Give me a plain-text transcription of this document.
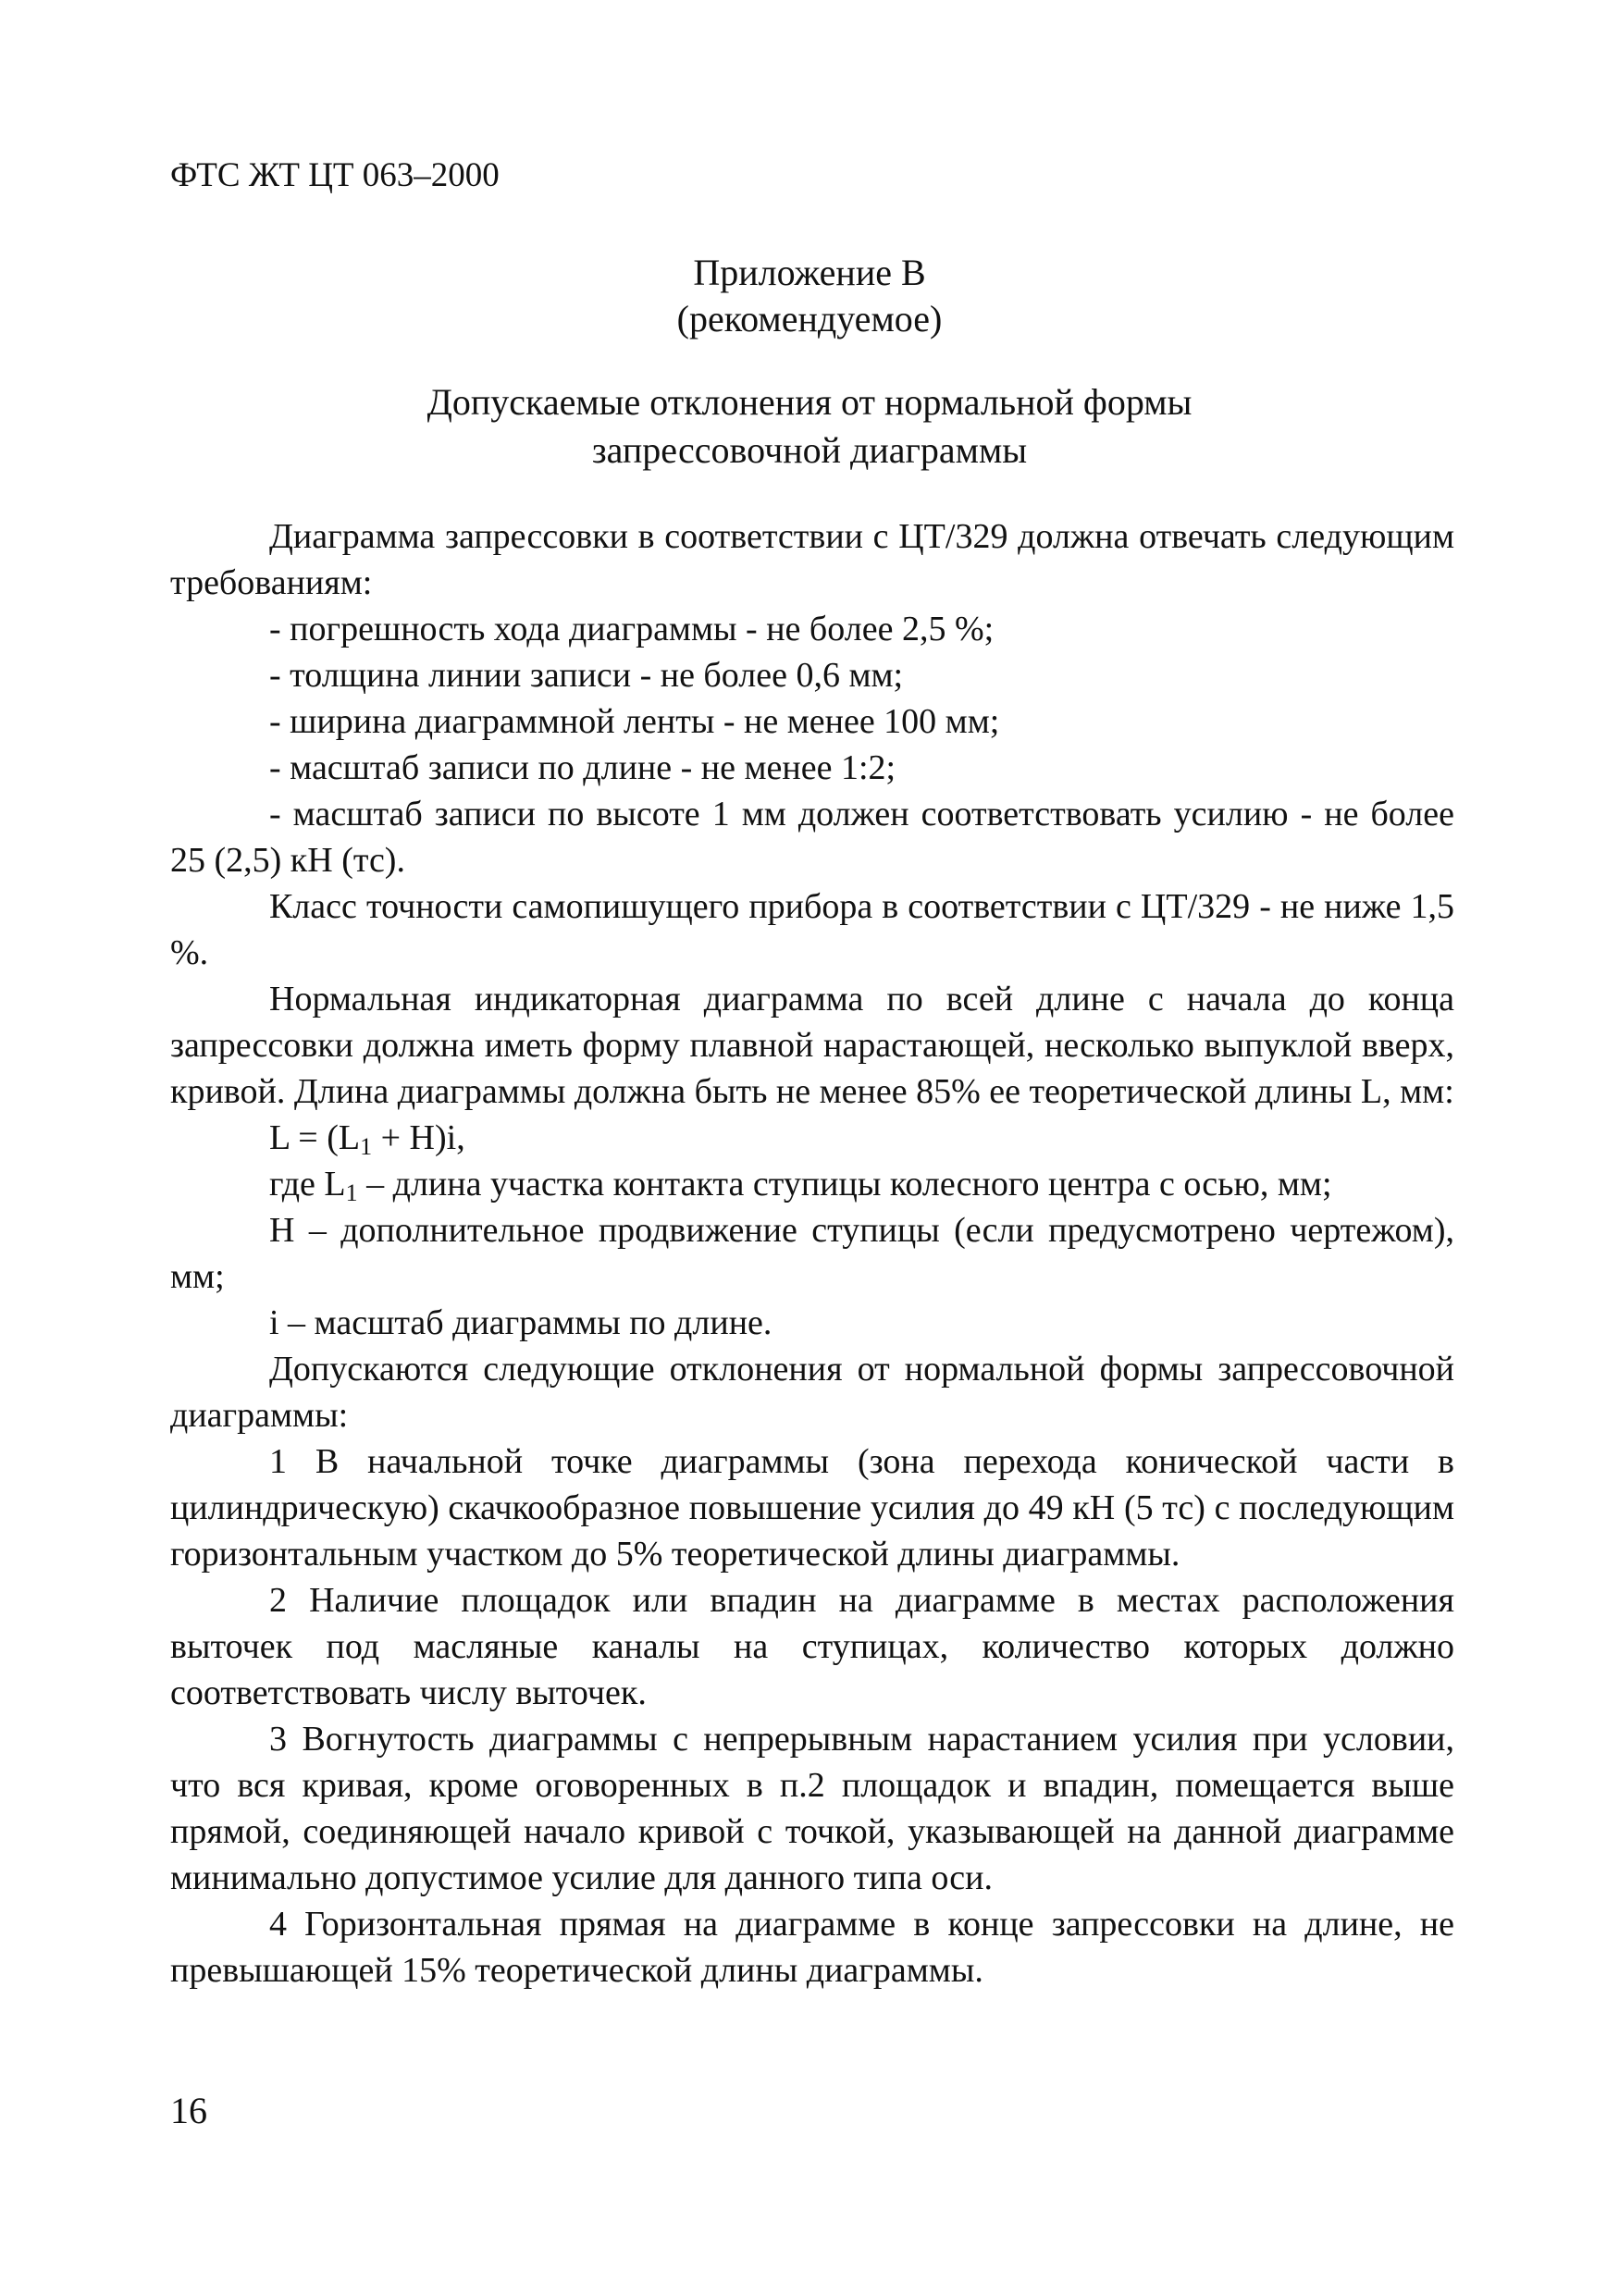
ФТС ЖТ ЦТ 063–2000
Приложение В
(рекомендуемое)
Допускаемые отклонения от нормальной формы
запрессовочной диаграммы

Диаграмма запрессовки в соответствии с ЦТ/329 должна отвечать следующим требованиям:

- погрешность хода диаграммы - не более 2,5 %;

- толщина линии записи - не более 0,6 мм;

- ширина диаграммной ленты - не менее 100 мм;

- масштаб записи по длине - не менее 1:2;

- масштаб записи по высоте 1 мм должен соответствовать усилию - не более 25 (2,5) кН (тс).

Класс точности самопишущего прибора в соответствии с ЦТ/329 - не ниже 1,5 %.

Нормальная индикаторная диаграмма по всей длине с начала до конца запрессовки должна иметь форму плавной нарастающей, несколько выпуклой вверх, кривой. Длина диаграммы должна быть не менее 85% ее теоретической длины L, мм:

$L = (L_1 + H)i$,

где $L_1$ – длина участка контакта ступицы колесного центра с осью, мм;

Н – дополнительное продвижение ступицы (если предусмотрено чертежом), мм;

i – масштаб диаграммы по длине.

Допускаются следующие отклонения от нормальной формы запрессовочной диаграммы:

1 В начальной точке диаграммы (зона перехода конической части в цилиндрическую) скачкообразное повышение усилия до 49 кН (5 тс) с последующим горизонтальным участком до 5% теоретической длины диаграммы.

2 Наличие площадок или впадин на диаграмме в местах расположения выточек под масляные каналы на ступицах, количество которых должно соответствовать числу выточек.

3 Вогнутость диаграммы с непрерывным нарастанием усилия при условии, что вся кривая, кроме оговоренных в п.2 площадок и впадин, помещается выше прямой, соединяющей начало кривой с точкой, указывающей на данной диаграмме минимально допустимое усилие для данного типа оси.

4 Горизонтальная прямая на диаграмме в конце запрессовки на длине, не превышающей 15% теоретической длины диаграммы.

16
